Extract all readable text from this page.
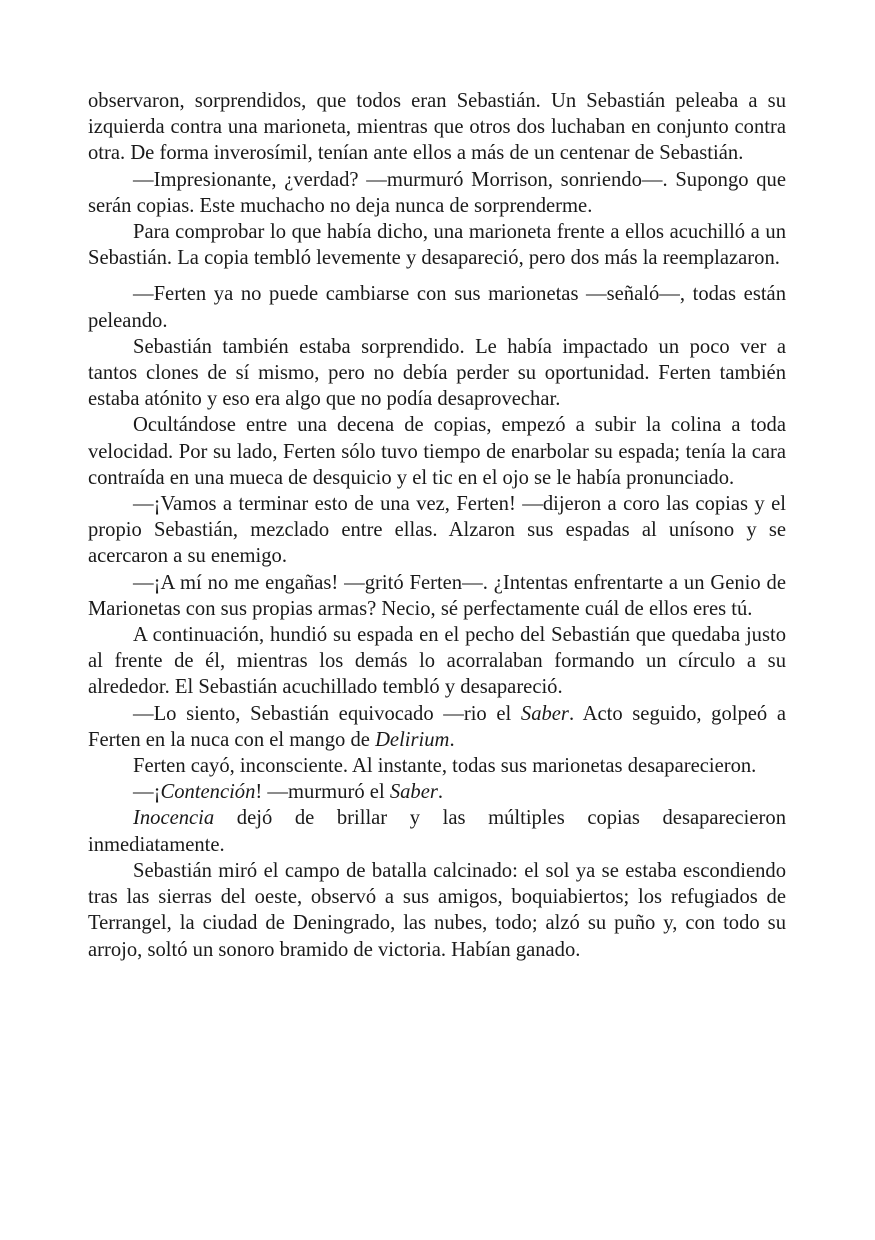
observaron, sorprendidos, que todos eran Sebastián. Un Sebastián peleaba a su izquierda contra una marioneta, mientras que otros dos luchaban en conjunto contra otra. De forma inverosímil, tenían ante ellos a más de un centenar de Sebastián.

—Impresionante, ¿verdad? —murmuró Morrison, sonriendo—. Supongo que serán copias. Este muchacho no deja nunca de sorprenderme.

Para comprobar lo que había dicho, una marioneta frente a ellos acuchilló a un Sebastián. La copia tembló levemente y desapareció, pero dos más la reemplazaron.

—Ferten ya no puede cambiarse con sus marionetas —señaló—, todas están peleando.

Sebastián también estaba sorprendido. Le había impactado un poco ver a tantos clones de sí mismo, pero no debía perder su oportunidad. Ferten también estaba atónito y eso era algo que no podía desaprovechar.

Ocultándose entre una decena de copias, empezó a subir la colina a toda velocidad. Por su lado, Ferten sólo tuvo tiempo de enarbolar su espada; tenía la cara contraída en una mueca de desquicio y el tic en el ojo se le había pronunciado.

—¡Vamos a terminar esto de una vez, Ferten! —dijeron a coro las copias y el propio Sebastián, mezclado entre ellas. Alzaron sus espadas al unísono y se acercaron a su enemigo.

—¡A mí no me engañas! —gritó Ferten—. ¿Intentas enfrentarte a un Genio de Marionetas con sus propias armas? Necio, sé perfectamente cuál de ellos eres tú.

A continuación, hundió su espada en el pecho del Sebastián que quedaba justo al frente de él, mientras los demás lo acorralaban formando un círculo a su alrededor. El Sebastián acuchillado tembló y desapareció.

—Lo siento, Sebastián equivocado —rio el Saber. Acto seguido, golpeó a Ferten en la nuca con el mango de Delirium.

Ferten cayó, inconsciente. Al instante, todas sus marionetas desaparecieron.

—¡Contención! —murmuró el Saber.

Inocencia dejó de brillar y las múltiples copias desaparecieron inmediatamente.

Sebastián miró el campo de batalla calcinado: el sol ya se estaba escondiendo tras las sierras del oeste, observó a sus amigos, boquiabiertos; los refugiados de Terrangel, la ciudad de Deningrado, las nubes, todo; alzó su puño y, con todo su arrojo, soltó un sonoro bramido de victoria. Habían ganado.
